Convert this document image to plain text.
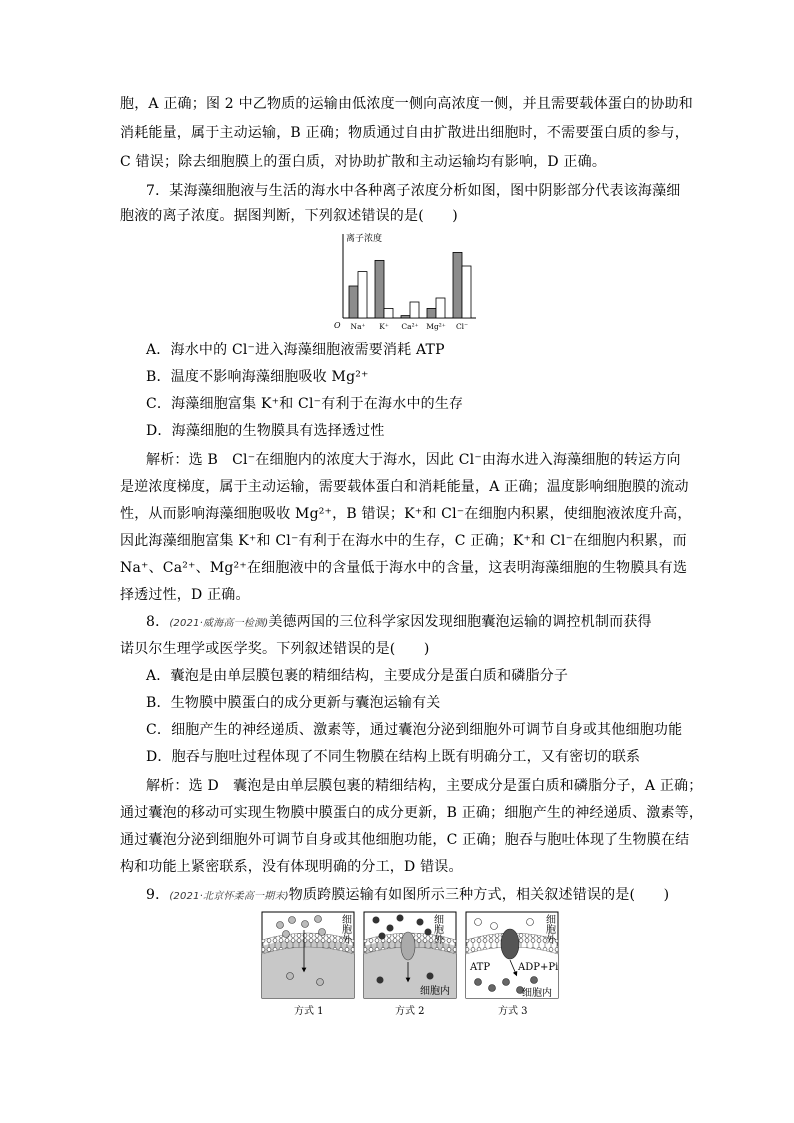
胞，A 正确；图 2 中乙物质的运输由低浓度一侧向高浓度一侧，并且需要载体蛋白的协助和
消耗能量，属于主动运输，B 正确；物质通过自由扩散进出细胞时，不需要蛋白质的参与，
C 错误；除去细胞膜上的蛋白质，对协助扩散和主动运输均有影响，D 正确。
7．某海藻细胞液与生活的海水中各种离子浓度分析如图，图中阴影部分代表该海藻细
胞液的离子浓度。据图判断，下列叙述错误的是(　　)
离子浓度
O Na⁺ K⁺ Ca²⁺ Mg²⁺ Cl⁻
A．海水中的 Cl⁻进入海藻细胞液需要消耗 ATP
B．温度不影响海藻细胞吸收 Mg²⁺
C．海藻细胞富集 K⁺和 Cl⁻有利于在海水中的生存
D．海藻细胞的生物膜具有选择透过性
解析：选 B　Cl⁻在细胞内的浓度大于海水，因此 Cl⁻由海水进入海藻细胞的转运方向
是逆浓度梯度，属于主动运输，需要载体蛋白和消耗能量，A 正确；温度影响细胞膜的流动
性，从而影响海藻细胞吸收 Mg²⁺，B 错误；K⁺和 Cl⁻在细胞内积累，使细胞液浓度升高，
因此海藻细胞富集 K⁺和 Cl⁻有利于在海水中的生存，C 正确；K⁺和 Cl⁻在细胞内积累，而
Na⁺、Ca²⁺、Mg²⁺在细胞液中的含量低于海水中的含量，这表明海藻细胞的生物膜具有选
择透过性，D 正确。
8．(2021·威海高一检测)美德两国的三位科学家因发现细胞囊泡运输的调控机制而获得
诺贝尔生理学或医学奖。下列叙述错误的是(　　)
A．囊泡是由单层膜包裹的精细结构，主要成分是蛋白质和磷脂分子
B．生物膜中膜蛋白的成分更新与囊泡运输有关
C．细胞产生的神经递质、激素等，通过囊泡分泌到细胞外可调节自身或其他细胞功能
D．胞吞与胞吐过程体现了不同生物膜在结构上既有明确分工，又有密切的联系
解析：选 D　囊泡是由单层膜包裹的精细结构，主要成分是蛋白质和磷脂分子，A 正确；
通过囊泡的移动可实现生物膜中膜蛋白的成分更新，B 正确；细胞产生的神经递质、激素等，
通过囊泡分泌到细胞外可调节自身或其他细胞功能，C 正确；胞吞与胞吐体现了生物膜在结
构和功能上紧密联系，没有体现明确的分工，D 错误。
9．(2021·北京怀柔高一期末)物质跨膜运输有如图所示三种方式，相关叙述错误的是(　　)
细
胞
外
方式 1
细
胞
外
细胞内
方式 2
ATP	ADP+Pi
细
胞
外
细胞内
方式 3
